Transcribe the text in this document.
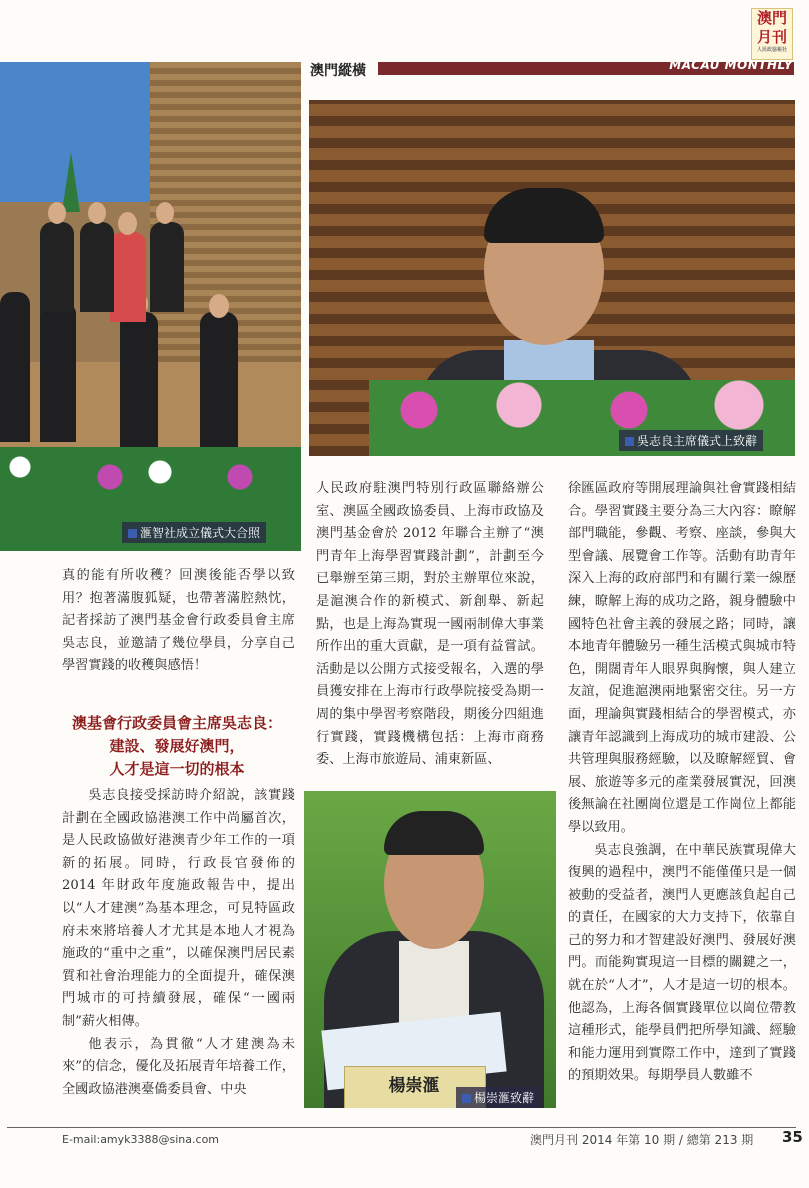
澳門
月刊
人民政協報社
澳門縱橫	MACAU MONTHLY
滙智社成立儀式大合照
吳志良主席儀式上致辭
楊崇滙
楊崇滙致辭

真的能有所收穫？回澳後能否學以致用？抱著滿腹狐疑，也帶著滿腔熱忱，記者採訪了澳門基金會行政委員會主席吳志良，並邀請了幾位學員，分享自己學習實踐的收穫與感悟！

澳基會行政委員會主席吳志良：
建設、發展好澳門，
人才是這一切的根本

吳志良接受採訪時介紹說，該實踐計劃在全國政協港澳工作中尚屬首次，是人民政協做好港澳青少年工作的一項新的拓展。同時，行政長官發佈的 2014 年財政年度施政報告中，提出以“人才建澳”為基本理念，可見特區政府未來將培養人才尤其是本地人才視為施政的“重中之重”，以確保澳門居民素質和社會治理能力的全面提升，確保澳門城市的可持續發展，確保“一國兩制”薪火相傳。

他表示，為貫徹“人才建澳為未來”的信念，優化及拓展青年培養工作，全國政協港澳臺僑委員會、中央

人民政府駐澳門特別行政區聯絡辦公室、澳區全國政協委員、上海市政協及澳門基金會於 2012 年聯合主辦了“澳門青年上海學習實踐計劃”，計劃至今已舉辦至第三期，對於主辦單位來說，是滬澳合作的新模式、新創舉、新起點，也是上海為實現一國兩制偉大事業所作出的重大貢獻，是一項有益嘗試。活動是以公開方式接受報名，入選的學員獲安排在上海市行政學院接受為期一周的集中學習考察階段，期後分四組進行實踐，實踐機構包括：上海市商務委、上海市旅遊局、浦東新區、

徐匯區政府等開展理論與社會實踐相結合。學習實踐主要分為三大內容：瞭解部門職能，參觀、考察、座談，參與大型會議、展覽會工作等。活動有助青年深入上海的政府部門和有關行業一線歷練，瞭解上海的成功之路，親身體驗中國特色社會主義的發展之路；同時，讓本地青年體驗另一種生活模式與城市特色，開闊青年人眼界與胸懷，與人建立友誼，促進滬澳兩地緊密交往。另一方面，理論與實踐相結合的學習模式，亦讓青年認識到上海成功的城市建設、公共管理與服務經驗，以及瞭解經貿、會展、旅遊等多元的產業發展實況，回澳後無論在社團崗位還是工作崗位上都能學以致用。

吳志良強調，在中華民族實現偉大復興的過程中，澳門不能僅僅只是一個被動的受益者，澳門人更應該負起自己的責任，在國家的大力支持下，依靠自己的努力和才智建設好澳門、發展好澳門。而能夠實現這一目標的關鍵之一，就在於“人才”，人才是這一切的根本。他認為，上海各個實踐單位以崗位帶教這種形式，能學員們把所學知識、經驗和能力運用到實際工作中，達到了實踐的預期效果。每期學員人數雖不

E-mail:amyk3388@sina.com	澳門月刊 2014 年第 10 期 / 總第 213 期 35
